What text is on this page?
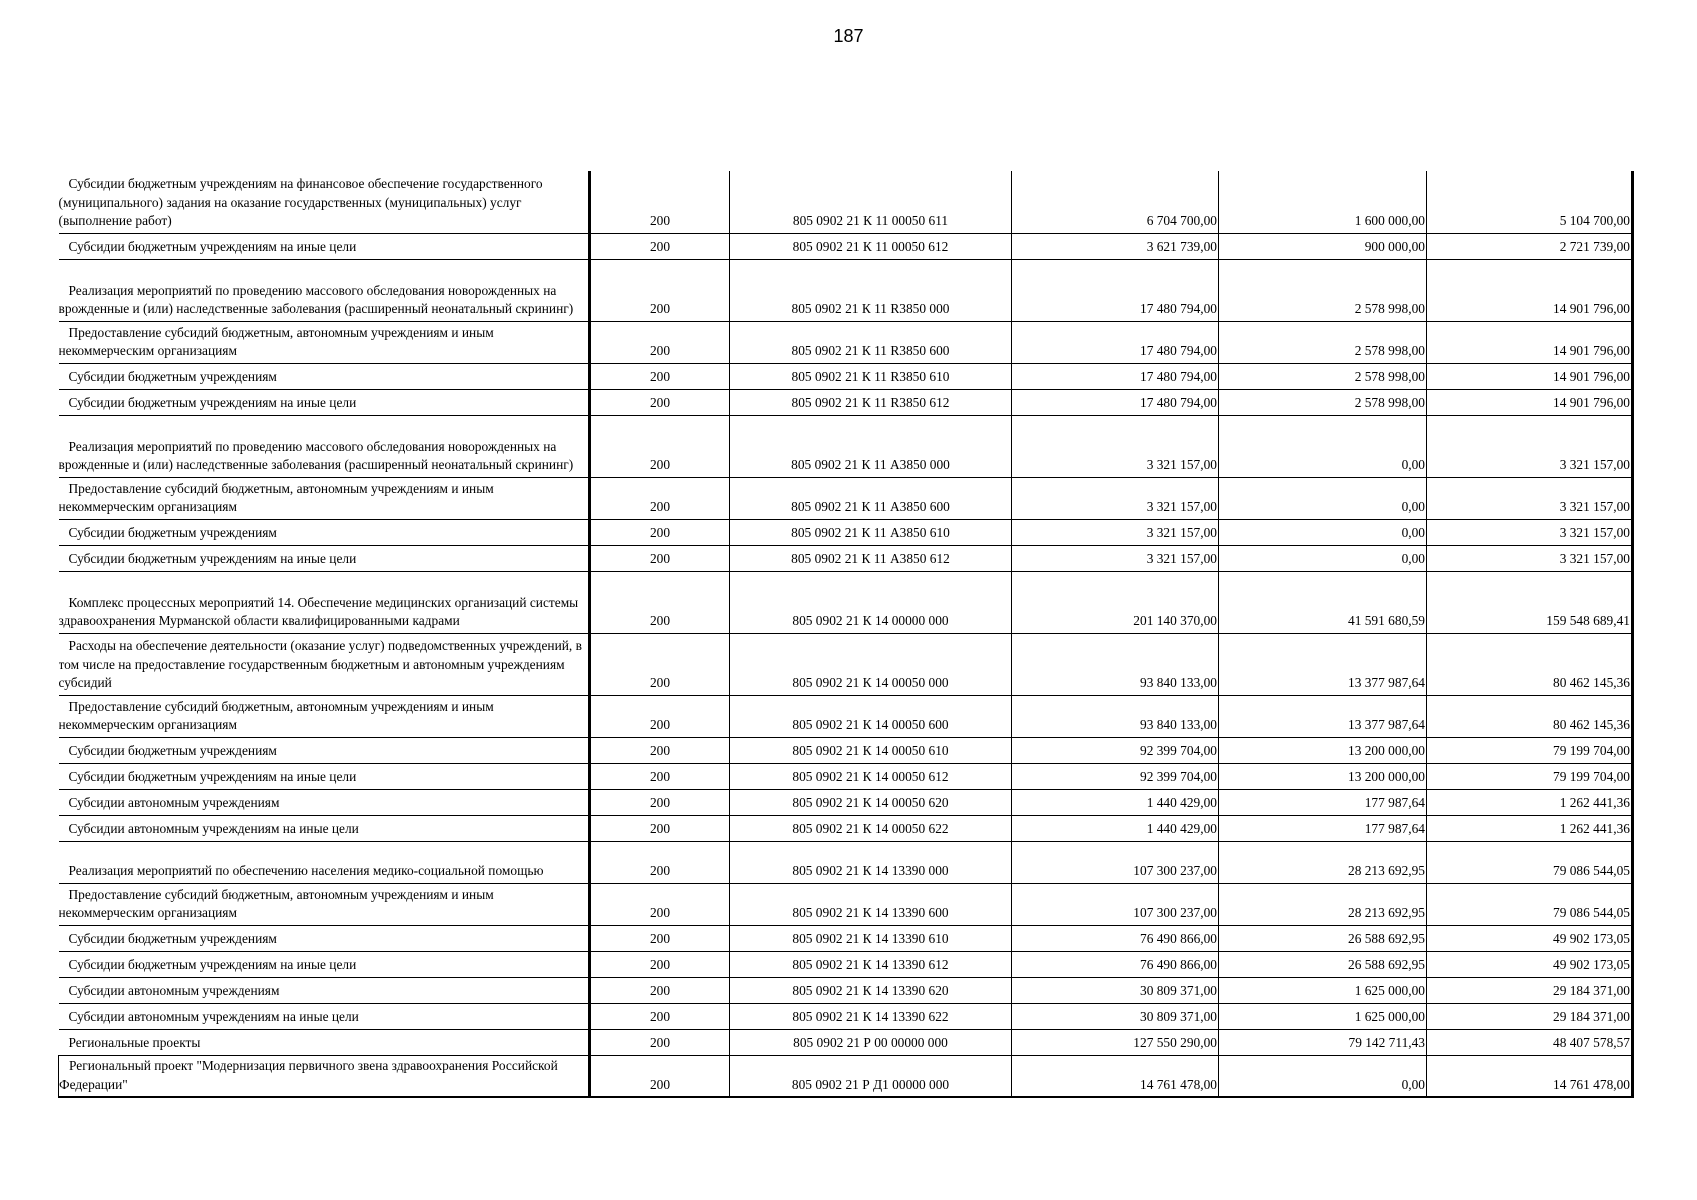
187
Субсидии бюджетным учреждениям на финансовое обеспечение государственного (муниципального) задания на оказание государственных (муниципальных) услуг (выполнение работ)	200	805 0902 21 К 11 00050 611	6 704 700,00	1 600 000,00	5 104 700,00

Субсидии бюджетным учреждениям на иные цели	200	805 0902 21 К 11 00050 612	3 621 739,00	900 000,00	2 721 739,00

Реализация мероприятий по проведению массового обследования новорожденных на врожденные и (или) наследственные заболевания (расширенный неонатальный скрининг)	200	805 0902 21 К 11 R3850 000	17 480 794,00	2 578 998,00	14 901 796,00

Предоставление субсидий бюджетным, автономным учреждениям и иным некоммерческим организациям	200	805 0902 21 К 11 R3850 600	17 480 794,00	2 578 998,00	14 901 796,00

Субсидии бюджетным учреждениям	200	805 0902 21 К 11 R3850 610	17 480 794,00	2 578 998,00	14 901 796,00

Субсидии бюджетным учреждениям на иные цели	200	805 0902 21 К 11 R3850 612	17 480 794,00	2 578 998,00	14 901 796,00

Реализация мероприятий по проведению массового обследования новорожденных на врожденные и (или) наследственные заболевания (расширенный неонатальный скрининг)	200	805 0902 21 К 11 А3850 000	3 321 157,00	0,00	3 321 157,00

Предоставление субсидий бюджетным, автономным учреждениям и иным некоммерческим организациям	200	805 0902 21 К 11 А3850 600	3 321 157,00	0,00	3 321 157,00

Субсидии бюджетным учреждениям	200	805 0902 21 К 11 А3850 610	3 321 157,00	0,00	3 321 157,00

Субсидии бюджетным учреждениям на иные цели	200	805 0902 21 К 11 А3850 612	3 321 157,00	0,00	3 321 157,00

Комплекс процессных мероприятий 14. Обеспечение медицинских организаций системы здравоохранения Мурманской области квалифицированными кадрами	200	805 0902 21 К 14 00000 000	201 140 370,00	41 591 680,59	159 548 689,41

Расходы на обеспечение деятельности (оказание услуг) подведомственных учреждений, в том числе на предоставление государственным бюджетным и автономным учреждениям субсидий	200	805 0902 21 К 14 00050 000	93 840 133,00	13 377 987,64	80 462 145,36

Предоставление субсидий бюджетным, автономным учреждениям и иным некоммерческим организациям	200	805 0902 21 К 14 00050 600	93 840 133,00	13 377 987,64	80 462 145,36

Субсидии бюджетным учреждениям	200	805 0902 21 К 14 00050 610	92 399 704,00	13 200 000,00	79 199 704,00

Субсидии бюджетным учреждениям на иные цели	200	805 0902 21 К 14 00050 612	92 399 704,00	13 200 000,00	79 199 704,00

Субсидии автономным учреждениям	200	805 0902 21 К 14 00050 620	1 440 429,00	177 987,64	1 262 441,36

Субсидии автономным учреждениям на иные цели	200	805 0902 21 К 14 00050 622	1 440 429,00	177 987,64	1 262 441,36

Реализация мероприятий по обеспечению населения медико-социальной помощью	200	805 0902 21 К 14 13390 000	107 300 237,00	28 213 692,95	79 086 544,05

Предоставление субсидий бюджетным, автономным учреждениям и иным некоммерческим организациям	200	805 0902 21 К 14 13390 600	107 300 237,00	28 213 692,95	79 086 544,05

Субсидии бюджетным учреждениям	200	805 0902 21 К 14 13390 610	76 490 866,00	26 588 692,95	49 902 173,05

Субсидии бюджетным учреждениям на иные цели	200	805 0902 21 К 14 13390 612	76 490 866,00	26 588 692,95	49 902 173,05

Субсидии автономным учреждениям	200	805 0902 21 К 14 13390 620	30 809 371,00	1 625 000,00	29 184 371,00

Субсидии автономным учреждениям на иные цели	200	805 0902 21 К 14 13390 622	30 809 371,00	1 625 000,00	29 184 371,00

Региональные проекты	200	805 0902 21 Р 00 00000 000	127 550 290,00	79 142 711,43	48 407 578,57

Региональный проект "Модернизация первичного звена здравоохранения Российской Федерации"	200	805 0902 21 Р Д1 00000 000	14 761 478,00	0,00	14 761 478,00
